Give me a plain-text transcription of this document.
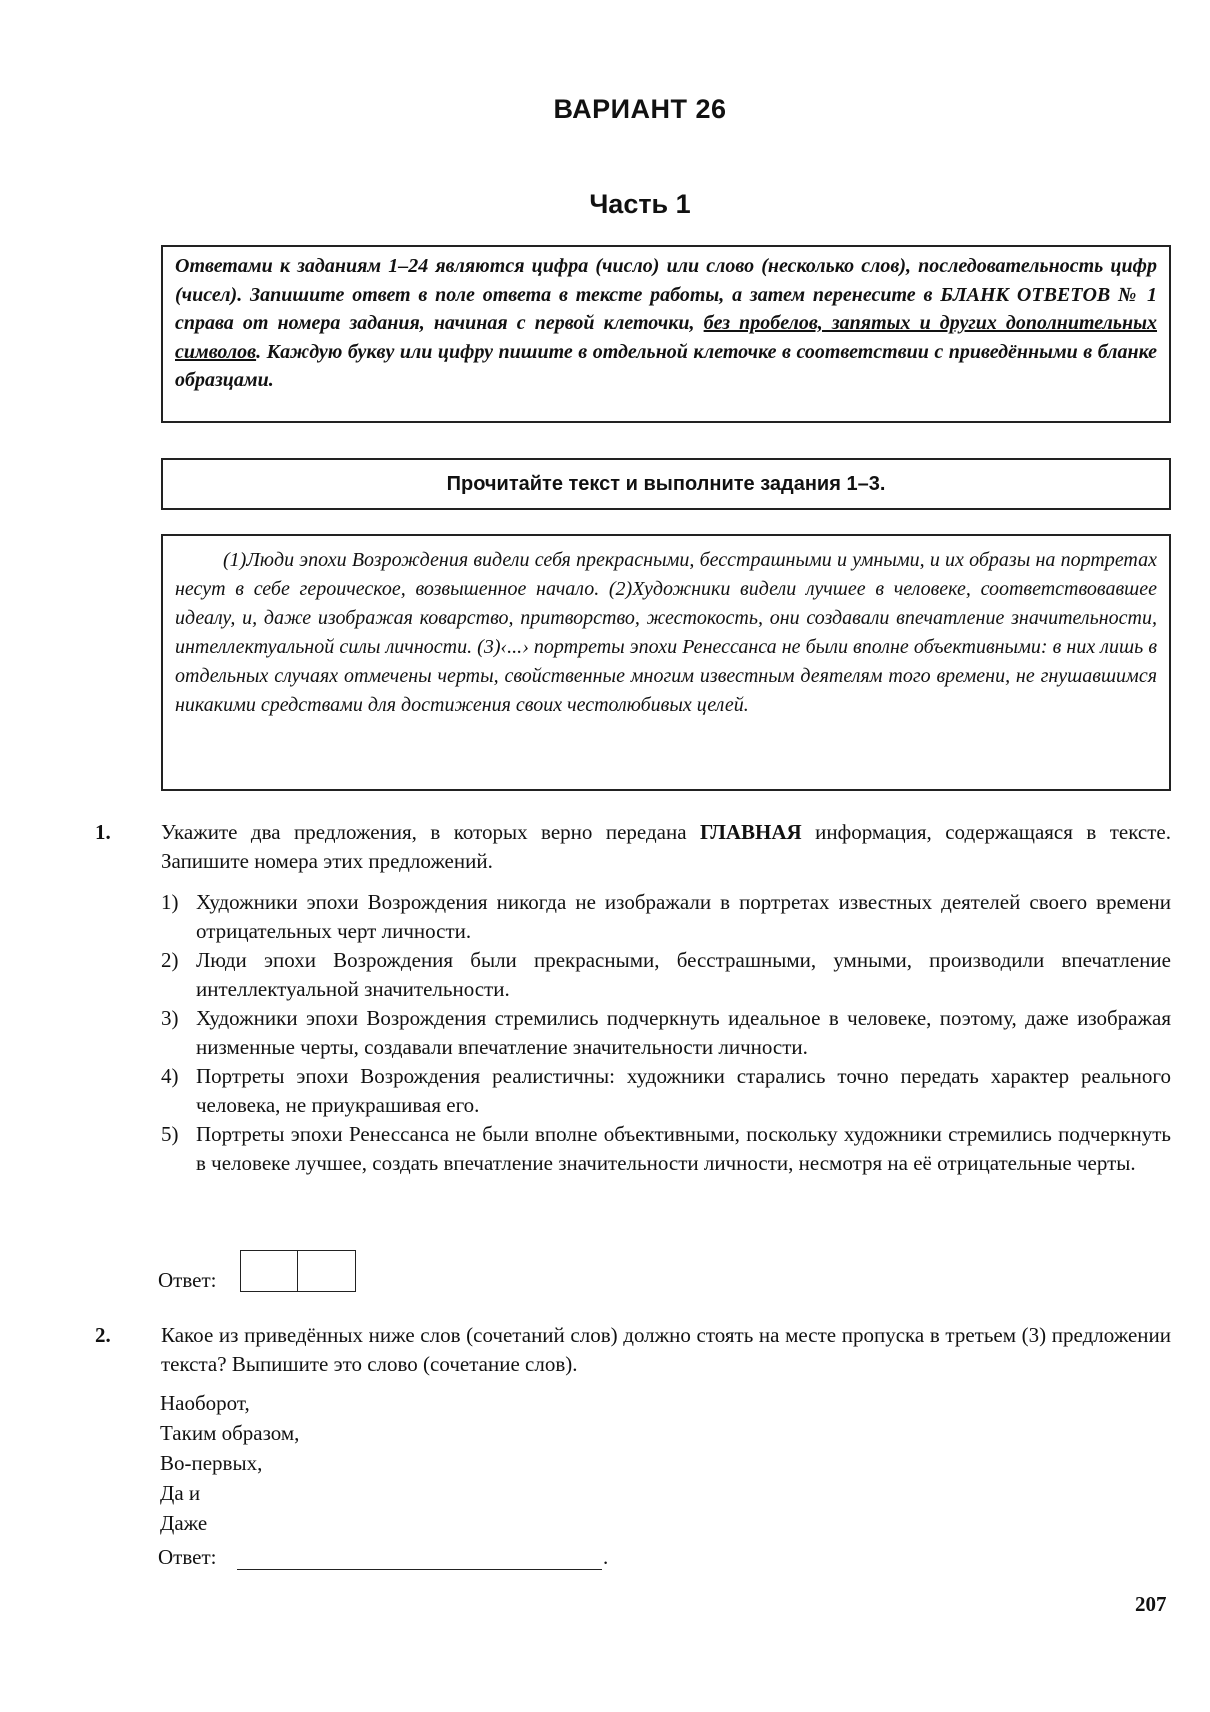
ВАРИАНТ 26
Часть 1
Ответами к заданиям 1–24 являются цифра (число) или слово (несколько слов), последовательность цифр (чисел). Запишите ответ в поле ответа в тексте работы, а затем перенесите в БЛАНК ОТВЕТОВ № 1 справа от номера задания, начиная с первой клеточки, без пробелов, запятых и других дополнительных символов. Каждую букву или цифру пишите в отдельной клеточке в соответствии с приведёнными в бланке образцами.
Прочитайте текст и выполните задания 1–3.
(1)Люди эпохи Возрождения видели себя прекрасными, бесстрашными и умными, и их образы на портретах несут в себе героическое, возвышенное начало. (2)Художники видели лучшее в человеке, соответствовавшее идеалу, и, даже изображая коварство, притворство, жестокость, они создавали впечатление значительности, интеллектуальной силы личности. (3)‹...› портреты эпохи Ренессанса не были вполне объективными: в них лишь в отдельных случаях отмечены черты, свойственные многим известным деятелям того времени, не гнушавшимся никакими средствами для достижения своих честолюбивых целей.
1. Укажите два предложения, в которых верно передана ГЛАВНАЯ информация, содержащаяся в тексте. Запишите номера этих предложений.
1) Художники эпохи Возрождения никогда не изображали в портретах известных деятелей своего времени отрицательных черт личности.
2) Люди эпохи Возрождения были прекрасными, бесстрашными, умными, производили впечатление интеллектуальной значительности.
3) Художники эпохи Возрождения стремились подчеркнуть идеальное в человеке, поэтому, даже изображая низменные черты, создавали впечатление значительности личности.
4) Портреты эпохи Возрождения реалистичны: художники старались точно передать характер реального человека, не приукрашивая его.
5) Портреты эпохи Ренессанса не были вполне объективными, поскольку художники стремились подчеркнуть в человеке лучшее, создать впечатление значительности личности, несмотря на её отрицательные черты.
Ответ:
2. Какое из приведённых ниже слов (сочетаний слов) должно стоять на месте пропуска в третьем (3) предложении текста? Выпишите это слово (сочетание слов).
Наоборот,
Таким образом,
Во-первых,
Да и
Даже
Ответ:	.
207
